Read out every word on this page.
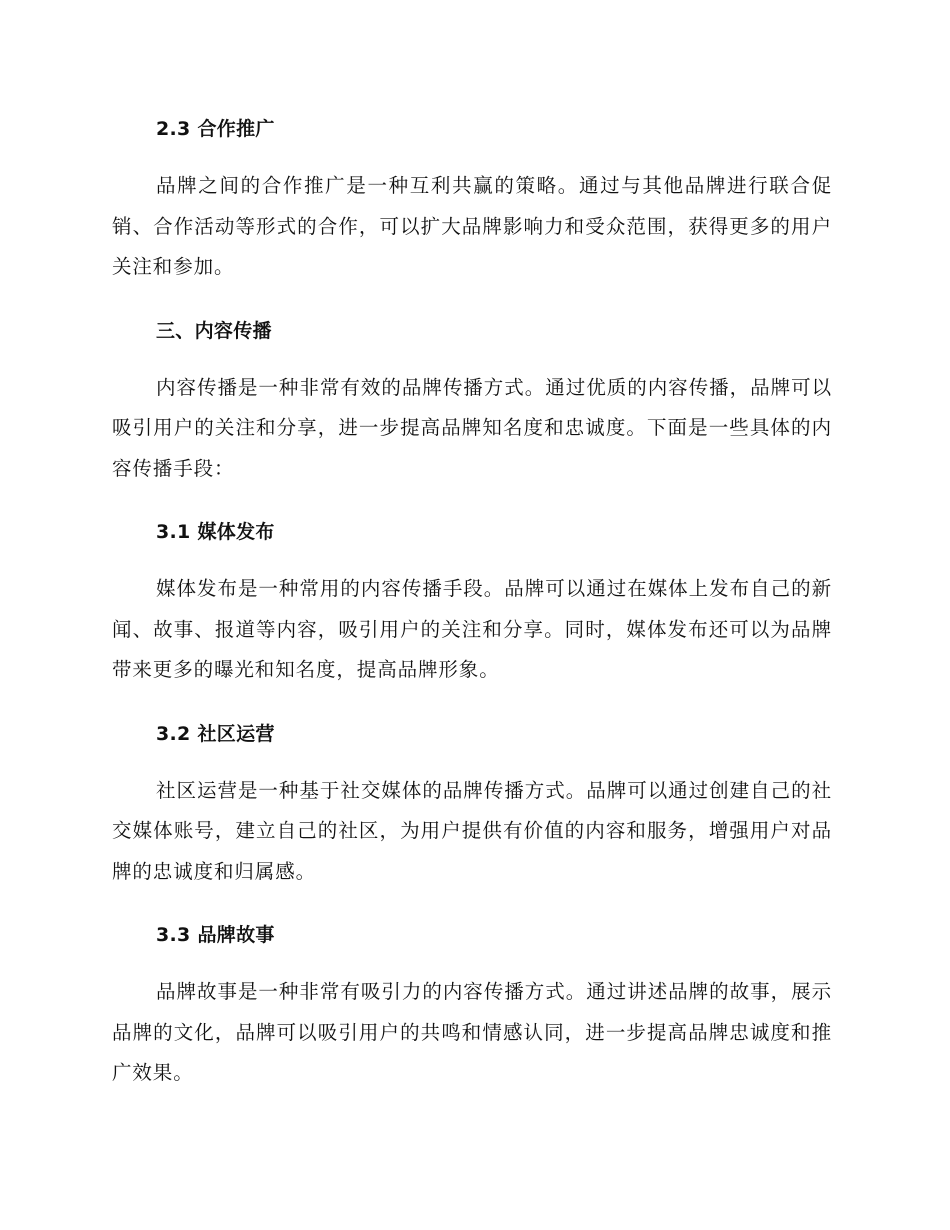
2.3 合作推广

品牌之间的合作推广是一种互利共赢的策略。通过与其他品牌进行联合促销、合作活动等形式的合作，可以扩大品牌影响力和受众范围，获得更多的用户关注和参加。

三、内容传播

内容传播是一种非常有效的品牌传播方式。通过优质的内容传播，品牌可以吸引用户的关注和分享，进一步提高品牌知名度和忠诚度。下面是一些具体的内容传播手段：

3.1 媒体发布

媒体发布是一种常用的内容传播手段。品牌可以通过在媒体上发布自己的新闻、故事、报道等内容，吸引用户的关注和分享。同时，媒体发布还可以为品牌带来更多的曝光和知名度，提高品牌形象。

3.2 社区运营

社区运营是一种基于社交媒体的品牌传播方式。品牌可以通过创建自己的社交媒体账号，建立自己的社区，为用户提供有价值的内容和服务，增强用户对品牌的忠诚度和归属感。

3.3 品牌故事

品牌故事是一种非常有吸引力的内容传播方式。通过讲述品牌的故事，展示品牌的文化，品牌可以吸引用户的共鸣和情感认同，进一步提高品牌忠诚度和推广效果。
